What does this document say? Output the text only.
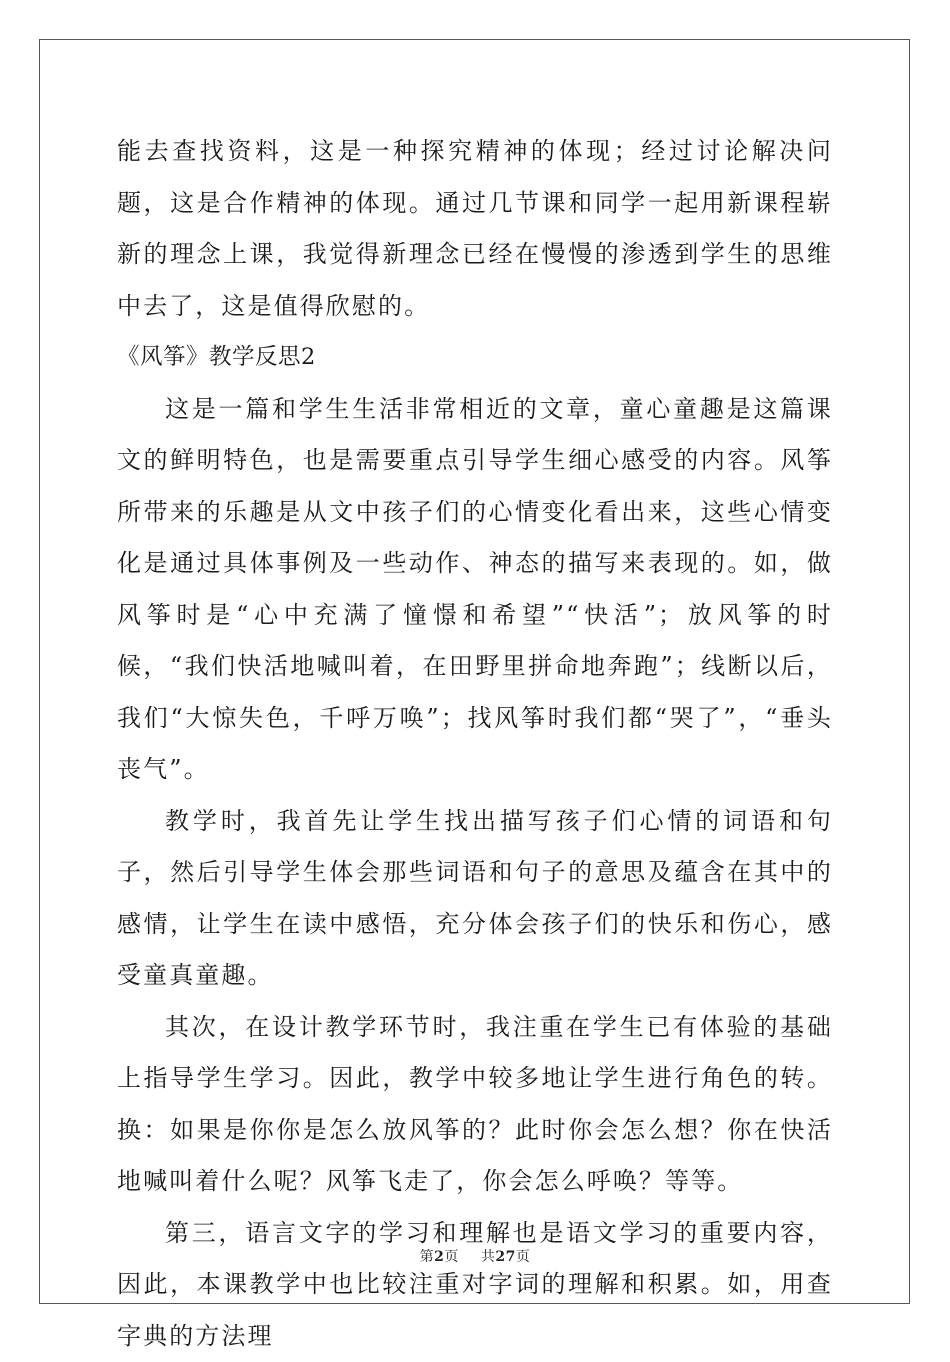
能去查找资料，这是一种探究精神的体现；经过讨论解决问题，这是合作精神的体现。通过几节课和同学一起用新课程崭新的理念上课，我觉得新理念已经在慢慢的渗透到学生的思维中去了，这是值得欣慰的。

《风筝》教学反思2

这是一篇和学生生活非常相近的文章，童心童趣是这篇课文的鲜明特色，也是需要重点引导学生细心感受的内容。风筝所带来的乐趣是从文中孩子们的心情变化看出来，这些心情变化是通过具体事例及一些动作、神态的描写来表现的。如，做风筝时是“心中充满了憧憬和希望”“快活”；放风筝的时候，“我们快活地喊叫着，在田野里拼命地奔跑”；线断以后，我们“大惊失色，千呼万唤”；找风筝时我们都“哭了”，“垂头丧气”。

教学时，我首先让学生找出描写孩子们心情的词语和句子，然后引导学生体会那些词语和句子的意思及蕴含在其中的感情，让学生在读中感悟，充分体会孩子们的快乐和伤心，感受童真童趣。

其次，在设计教学环节时，我注重在学生已有体验的基础上指导学生学习。因此，教学中较多地让学生进行角色的转。换：如果是你你是怎么放风筝的？此时你会怎么想？你在快活地喊叫着什么呢？风筝飞走了，你会怎么呼唤？等等。

第三，语言文字的学习和理解也是语文学习的重要内容，因此，本课教学中也比较注重对字词的理解和积累。如，用查字典的方法理

第2页 共27页
